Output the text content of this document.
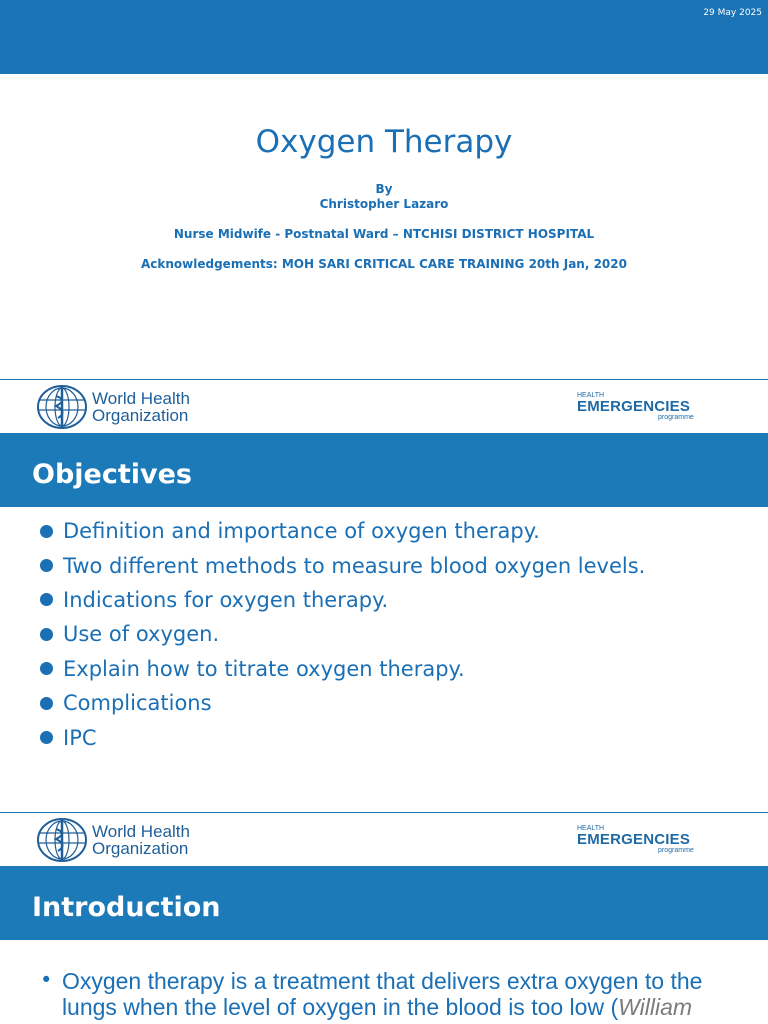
29 May 2025
Oxygen Therapy
By
Christopher Lazaro
Nurse Midwife - Postnatal Ward – NTCHISI DISTRICT HOSPITAL
Acknowledgements: MOH SARI CRITICAL CARE TRAINING 20th Jan, 2020
World Health
Organization
HEALTH
EMERGENCIES
programme
Objectives
Definition and importance of oxygen therapy.
Two different methods to measure blood oxygen levels.
Indications for oxygen therapy.
Use of oxygen.
Explain how to titrate oxygen therapy.
Complications
IPC
World Health
Organization
HEALTH
EMERGENCIES
programme
Introduction
• Oxygen therapy is a treatment that delivers extra oxygen to the lungs when the level of oxygen in the blood is too low (William
